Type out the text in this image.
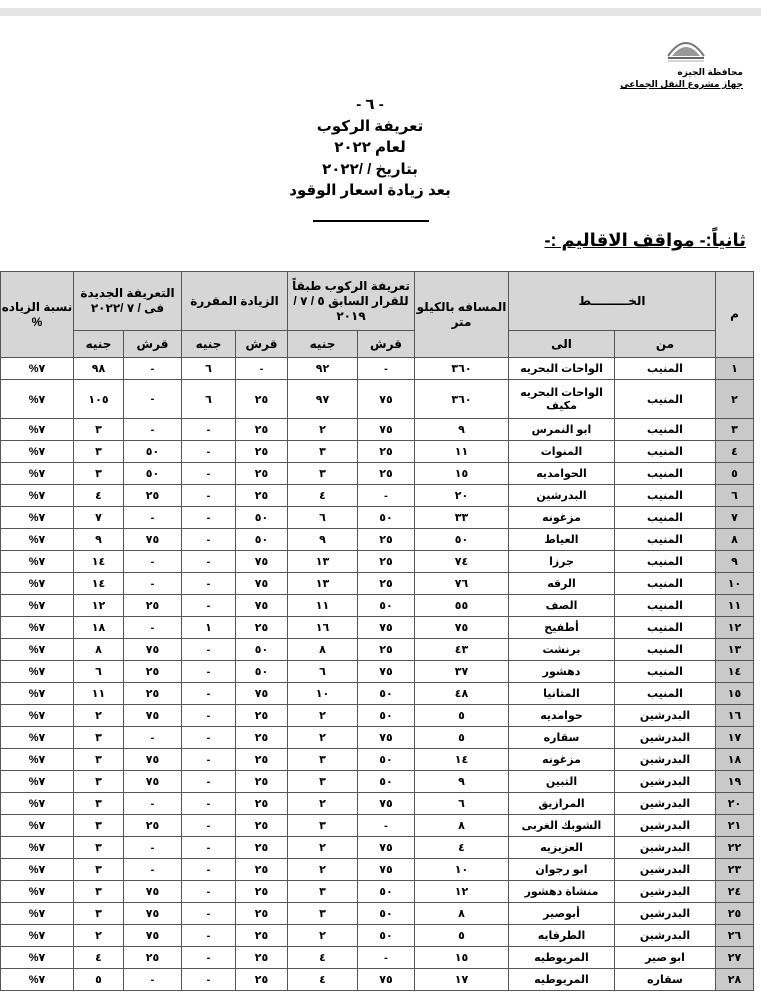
محافظة الجيزه
جهاز مشروع النقل الجماعى
- ٦ -
تعريفة الركوب
لعام ٢٠٢٢
بتاريخ / /٢٠٢٢
بعد زيادة اسعار الوقود
ثانياً:- مواقف الاقاليم :-
م	الخـــــــــط		المسافه بالكيلو متر	تعريفة الركوب طبقاً للقرار السابق ٥ / ٧ / ٢٠١٩		الزيادة المقررة		التعريفة الجديدة فى / ٧ /٢٠٢٢		نسبة الزياده %
	من	الى		قرش	جنيه	قرش	جنيه	قرش	جنيه	
١	المنيب	الواحات البحريه	٣٦٠	-	٩٢	-	٦	-	٩٨	%٧
٢	المنيب	الواحات البحريه مكيف	٣٦٠	٧٥	٩٧	٢٥	٦	-	١٠٥	%٧
٣	المنيب	ابو النمرس	٩	٧٥	٢	٢٥	-	-	٣	%٧
٤	المنيب	المنوات	١١	٢٥	٣	٢٥	-	٥٠	٣	%٧
٥	المنيب	الحوامديه	١٥	٢٥	٣	٢٥	-	٥٠	٣	%٧
٦	المنيب	البدرشين	٢٠	-	٤	٢٥	-	٢٥	٤	%٧
٧	المنيب	مزغونه	٣٣	٥٠	٦	٥٠	-	-	٧	%٧
٨	المنيب	العياط	٥٠	٢٥	٩	٥٠	-	٧٥	٩	%٧
٩	المنيب	جرزا	٧٤	٢٥	١٣	٧٥	-	-	١٤	%٧
١٠	المنيب	الرقه	٧٦	٢٥	١٣	٧٥	-	-	١٤	%٧
١١	المنيب	الصف	٥٥	٥٠	١١	٧٥	-	٢٥	١٢	%٧
١٢	المنيب	أطفيح	٧٥	٧٥	١٦	٢٥	١	-	١٨	%٧
١٣	المنيب	برنشت	٤٣	٢٥	٨	٥٠	-	٧٥	٨	%٧
١٤	المنيب	دهشور	٣٧	٧٥	٦	٥٠	-	٢٥	٦	%٧
١٥	المنيب	المتانيا	٤٨	٥٠	١٠	٧٥	-	٢٥	١١	%٧
١٦	البدرشين	حوامديه	٥	٥٠	٢	٢٥	-	٧٥	٢	%٧
١٧	البدرشين	سقاره	٥	٧٥	٢	٢٥	-	-	٣	%٧
١٨	البدرشين	مزغونه	١٤	٥٠	٣	٢٥	-	٧٥	٣	%٧
١٩	البدرشين	التبين	٩	٥٠	٣	٢٥	-	٧٥	٣	%٧
٢٠	البدرشين	المرازيق	٦	٧٥	٢	٢٥	-	-	٣	%٧
٢١	البدرشين	الشوبك الغربى	٨	-	٣	٢٥	-	٢٥	٣	%٧
٢٢	البدرشين	العزيزيه	٤	٧٥	٢	٢٥	-	-	٣	%٧
٢٣	البدرشين	ابو رجوان	١٠	٧٥	٢	٢٥	-	-	٣	%٧
٢٤	البدرشين	منشاة دهشور	١٢	٥٠	٣	٢٥	-	٧٥	٣	%٧
٢٥	البدرشين	أبوصير	٨	٥٠	٣	٢٥	-	٧٥	٣	%٧
٢٦	البدرشين	الطرفايه	٥	٥٠	٢	٢٥	-	٧٥	٢	%٧
٢٧	ابو صير	المريوطيه	١٥	-	٤	٢٥	-	٢٥	٤	%٧
٢٨	سقاره	المريوطيه	١٧	٧٥	٤	٢٥	-	-	٥	%٧
